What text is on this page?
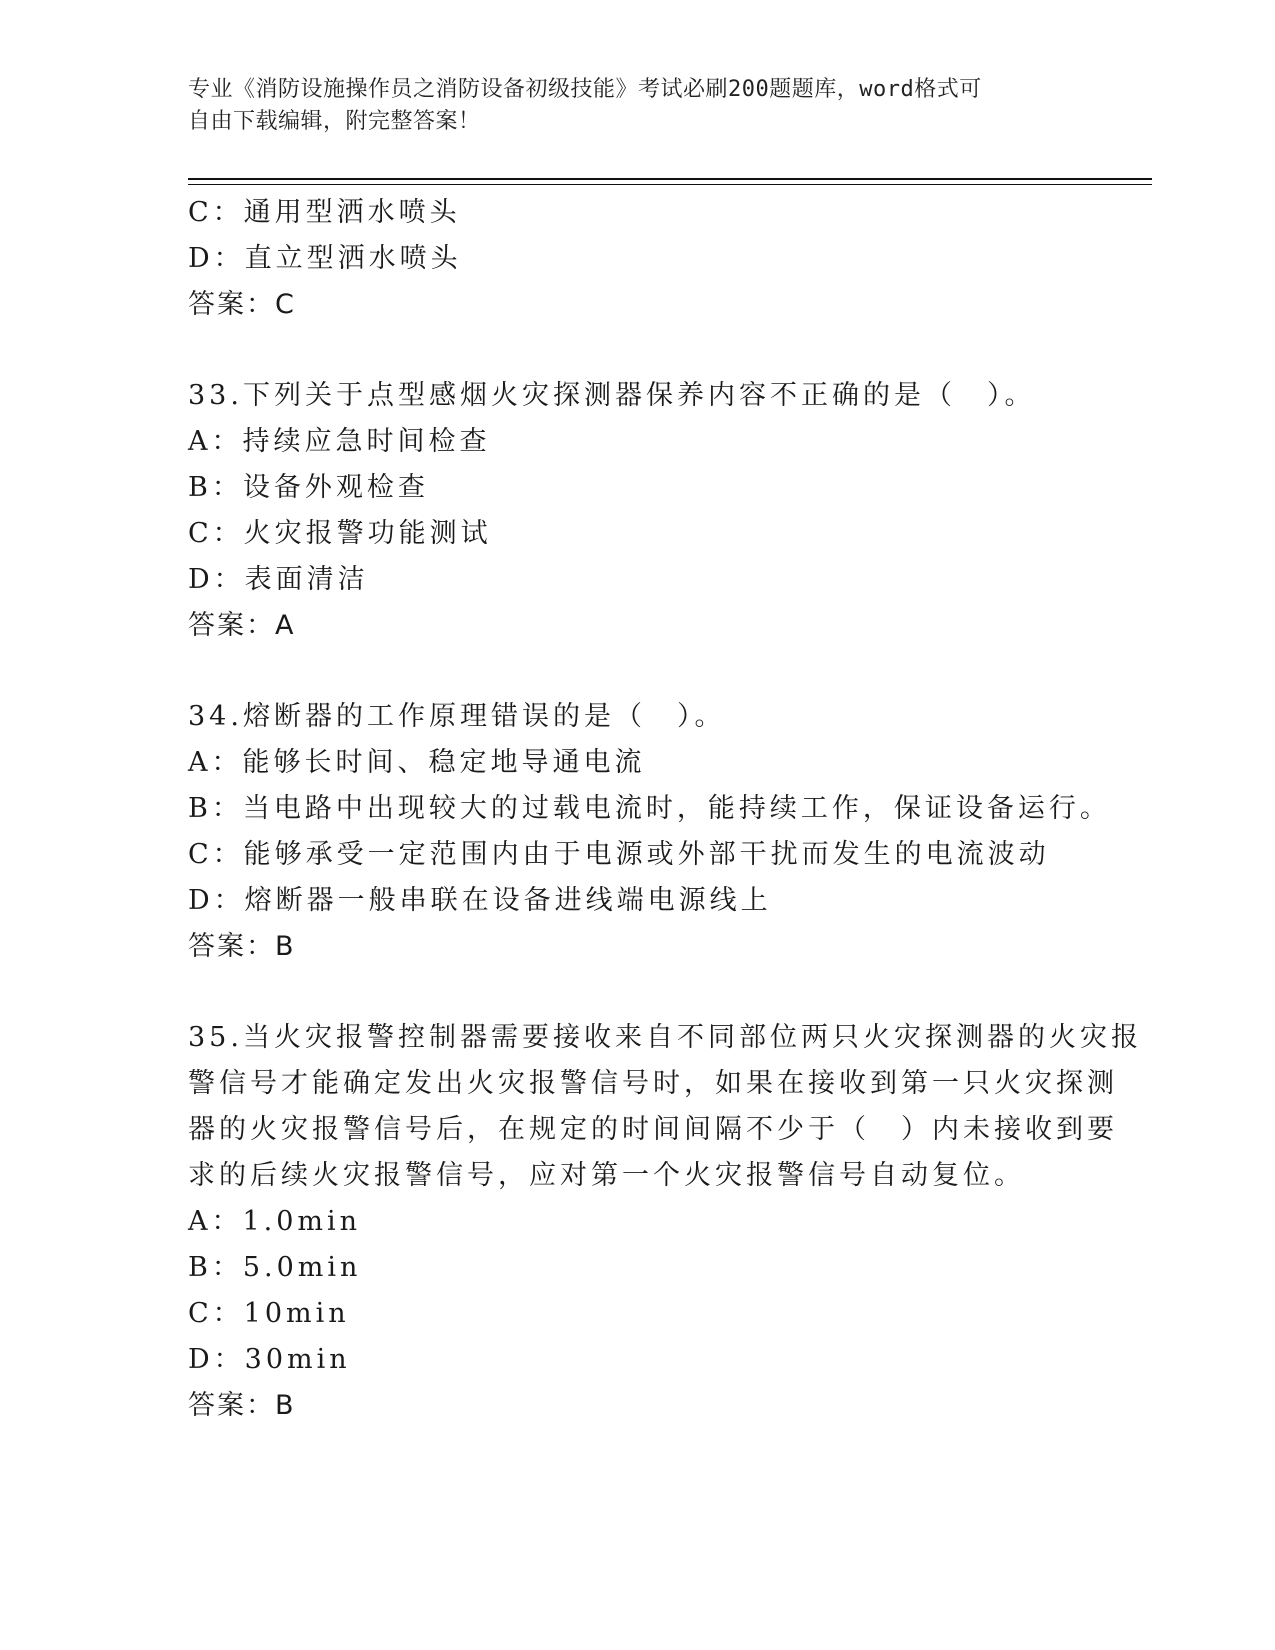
专业《消防设施操作员之消防设备初级技能》考试必刷200题题库，word格式可
自由下载编辑，附完整答案！
C：通用型洒水喷头
D：直立型洒水喷头
答案：C
33.下列关于点型感烟火灾探测器保养内容不正确的是（　）。
A：持续应急时间检查
B：设备外观检查
C：火灾报警功能测试
D：表面清洁
答案：A
34.熔断器的工作原理错误的是（　）。
A：能够长时间、稳定地导通电流
B：当电路中出现较大的过载电流时，能持续工作，保证设备运行。
C：能够承受一定范围内由于电源或外部干扰而发生的电流波动
D：熔断器一般串联在设备进线端电源线上
答案：B
35.当火灾报警控制器需要接收来自不同部位两只火灾探测器的火灾报
警信号才能确定发出火灾报警信号时，如果在接收到第一只火灾探测
器的火灾报警信号后，在规定的时间间隔不少于（　）内未接收到要
求的后续火灾报警信号，应对第一个火灾报警信号自动复位。
A：1.0min
B：5.0min
C：10min
D：30min
答案：B
